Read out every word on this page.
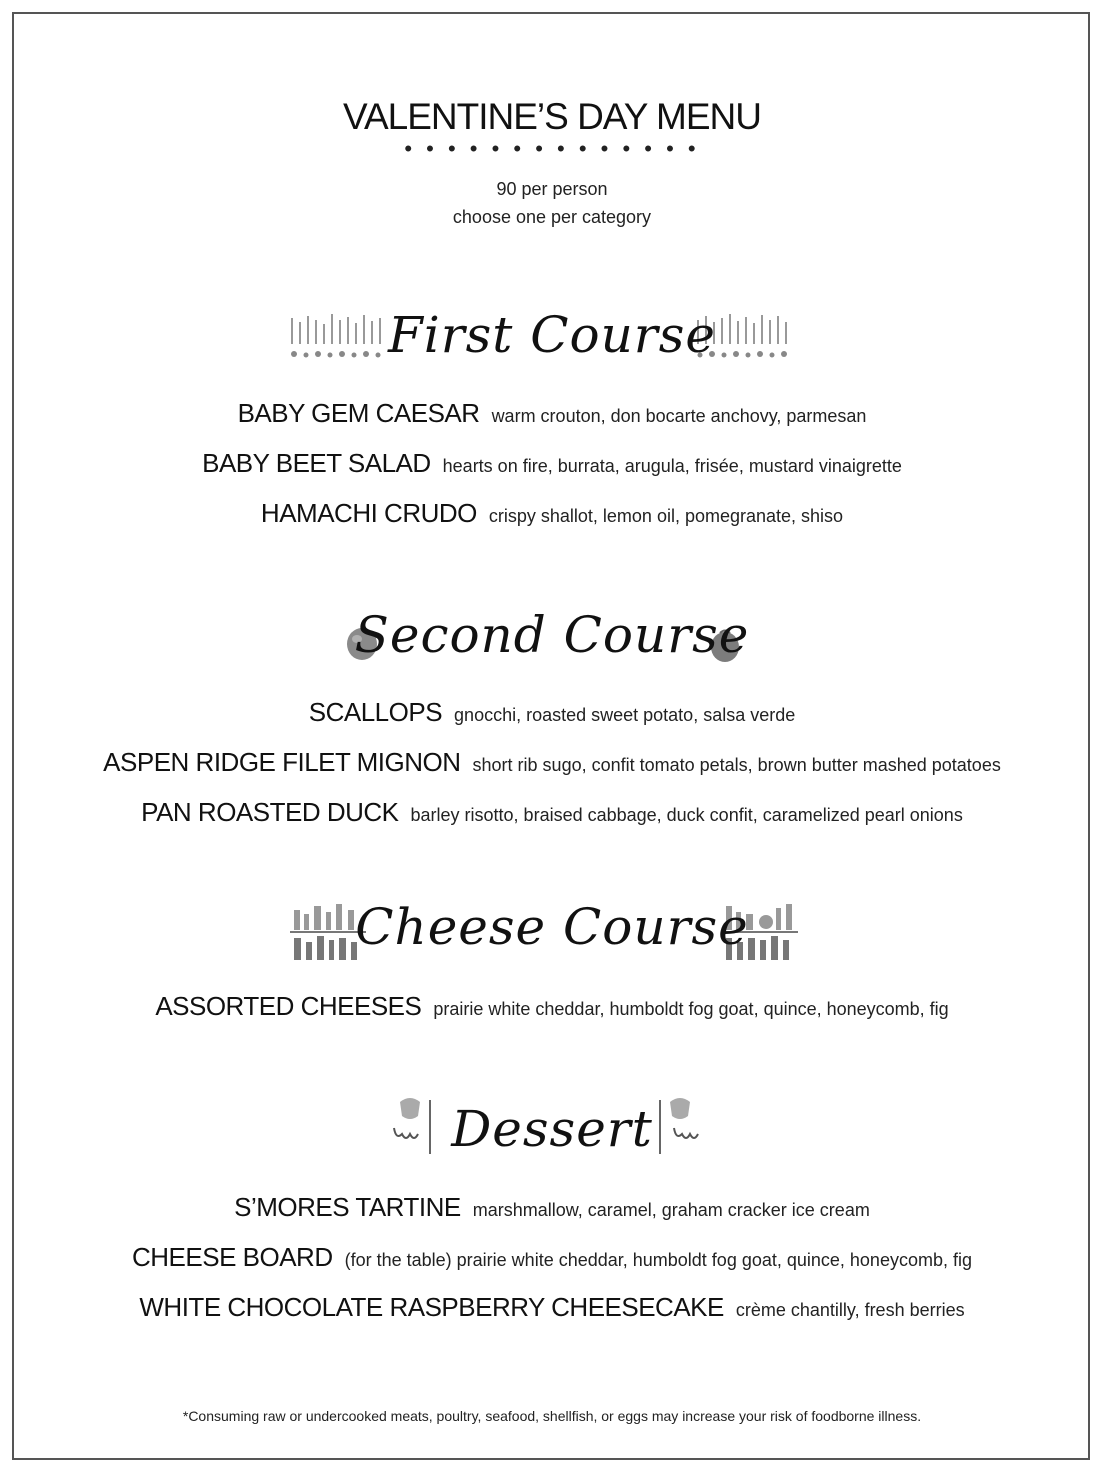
VALENTINE’S DAY MENU
• • • • • • • • • • • • • •
90 per person
choose one per category
First Course
BABY GEM CAESAR warm crouton, don bocarte anchovy, parmesan
BABY BEET SALAD hearts on fire, burrata, arugula, frisée, mustard vinaigrette
HAMACHI CRUDO crispy shallot, lemon oil, pomegranate, shiso
Second Course
SCALLOPS gnocchi, roasted sweet potato, salsa verde
ASPEN RIDGE FILET MIGNON short rib sugo, confit tomato petals, brown butter mashed potatoes
PAN ROASTED DUCK barley risotto, braised cabbage, duck confit, caramelized pearl onions
Cheese Course
ASSORTED CHEESES prairie white cheddar, humboldt fog goat, quince, honeycomb, fig
Dessert
S’MORES TARTINE marshmallow, caramel, graham cracker ice cream
CHEESE BOARD (for the table) prairie white cheddar, humboldt fog goat, quince, honeycomb, fig
WHITE CHOCOLATE RASPBERRY CHEESECAKE crème chantilly, fresh berries
*Consuming raw or undercooked meats, poultry, seafood, shellfish, or eggs may increase your risk of foodborne illness.
